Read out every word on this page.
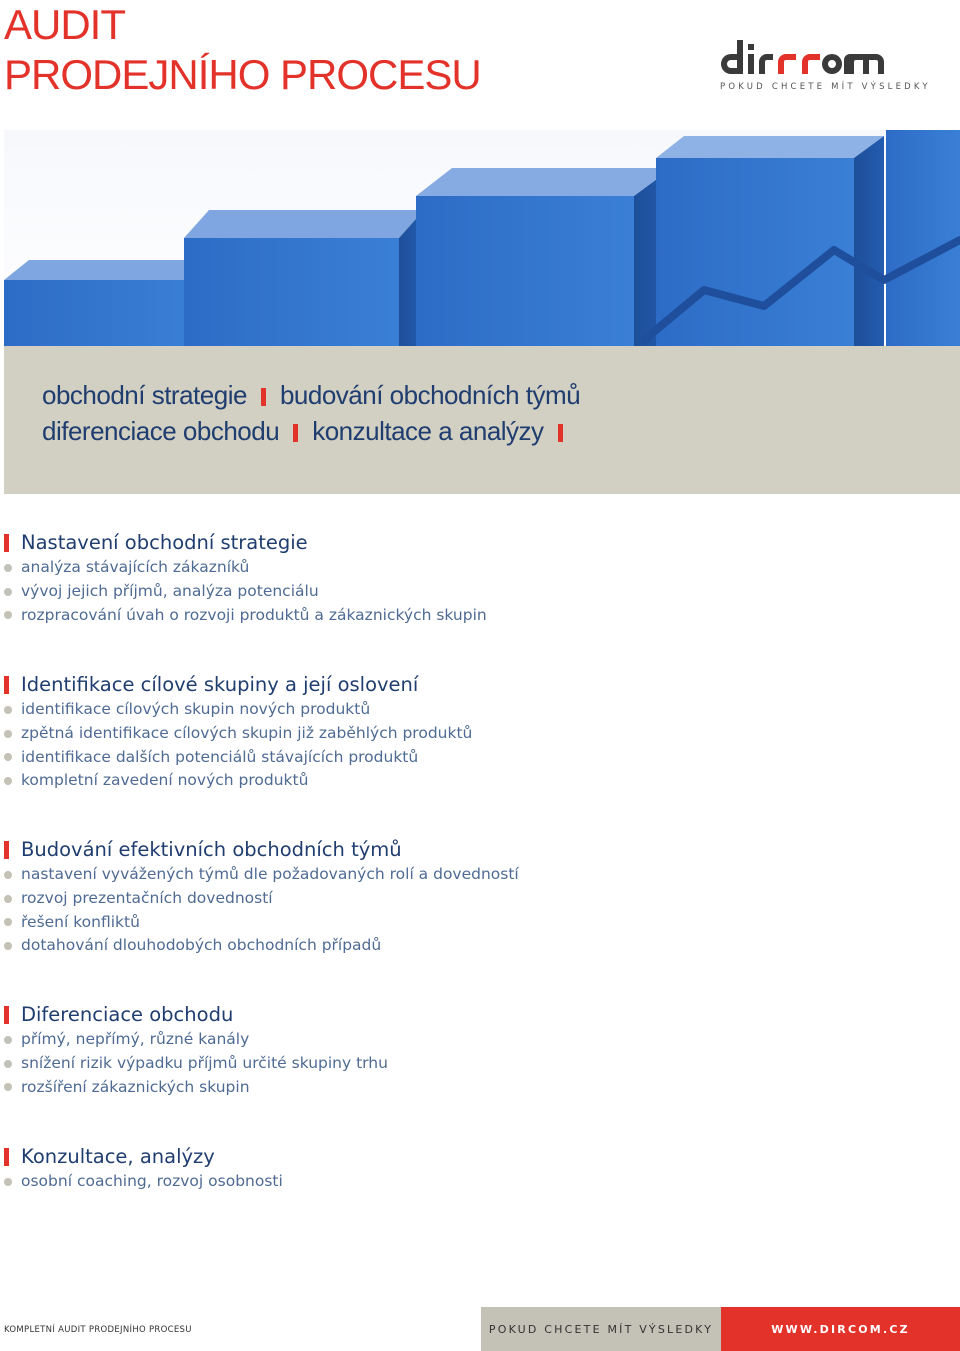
AUDIT
PRODEJNÍHO PROCESU	POKUD CHCETE MÍT VÝSLEDKY
obchodní strategie budování obchodních týmů
diferenciace obchodu konzultace a analýzy
Nastavení obchodní strategie
analýza stávajících zákazníků
vývoj jejich příjmů, analýza potenciálu
rozpracování úvah o rozvoji produktů a zákaznických skupin
Identifikace cílové skupiny a její oslovení
identifikace cílových skupin nových produktů
zpětná identifikace cílových skupin již zaběhlých produktů
identifikace dalších potenciálů stávajících produktů
kompletní zavedení nových produktů
Budování efektivních obchodních týmů
nastavení vyvážených týmů dle požadovaných rolí a dovedností
rozvoj prezentačních dovedností
řešení konfliktů
dotahování dlouhodobých obchodních případů
Diferenciace obchodu
přímý, nepřímý, různé kanály
snížení rizik výpadku příjmů určité skupiny trhu
rozšíření zákaznických skupin
Konzultace, analýzy
osobní coaching, rozvoj osobnosti
KOMPLETNÍ AUDIT PRODEJNÍHO PROCESU	POKUD CHCETE MÍT VÝSLEDKY	WWW.DIRCOM.CZ
